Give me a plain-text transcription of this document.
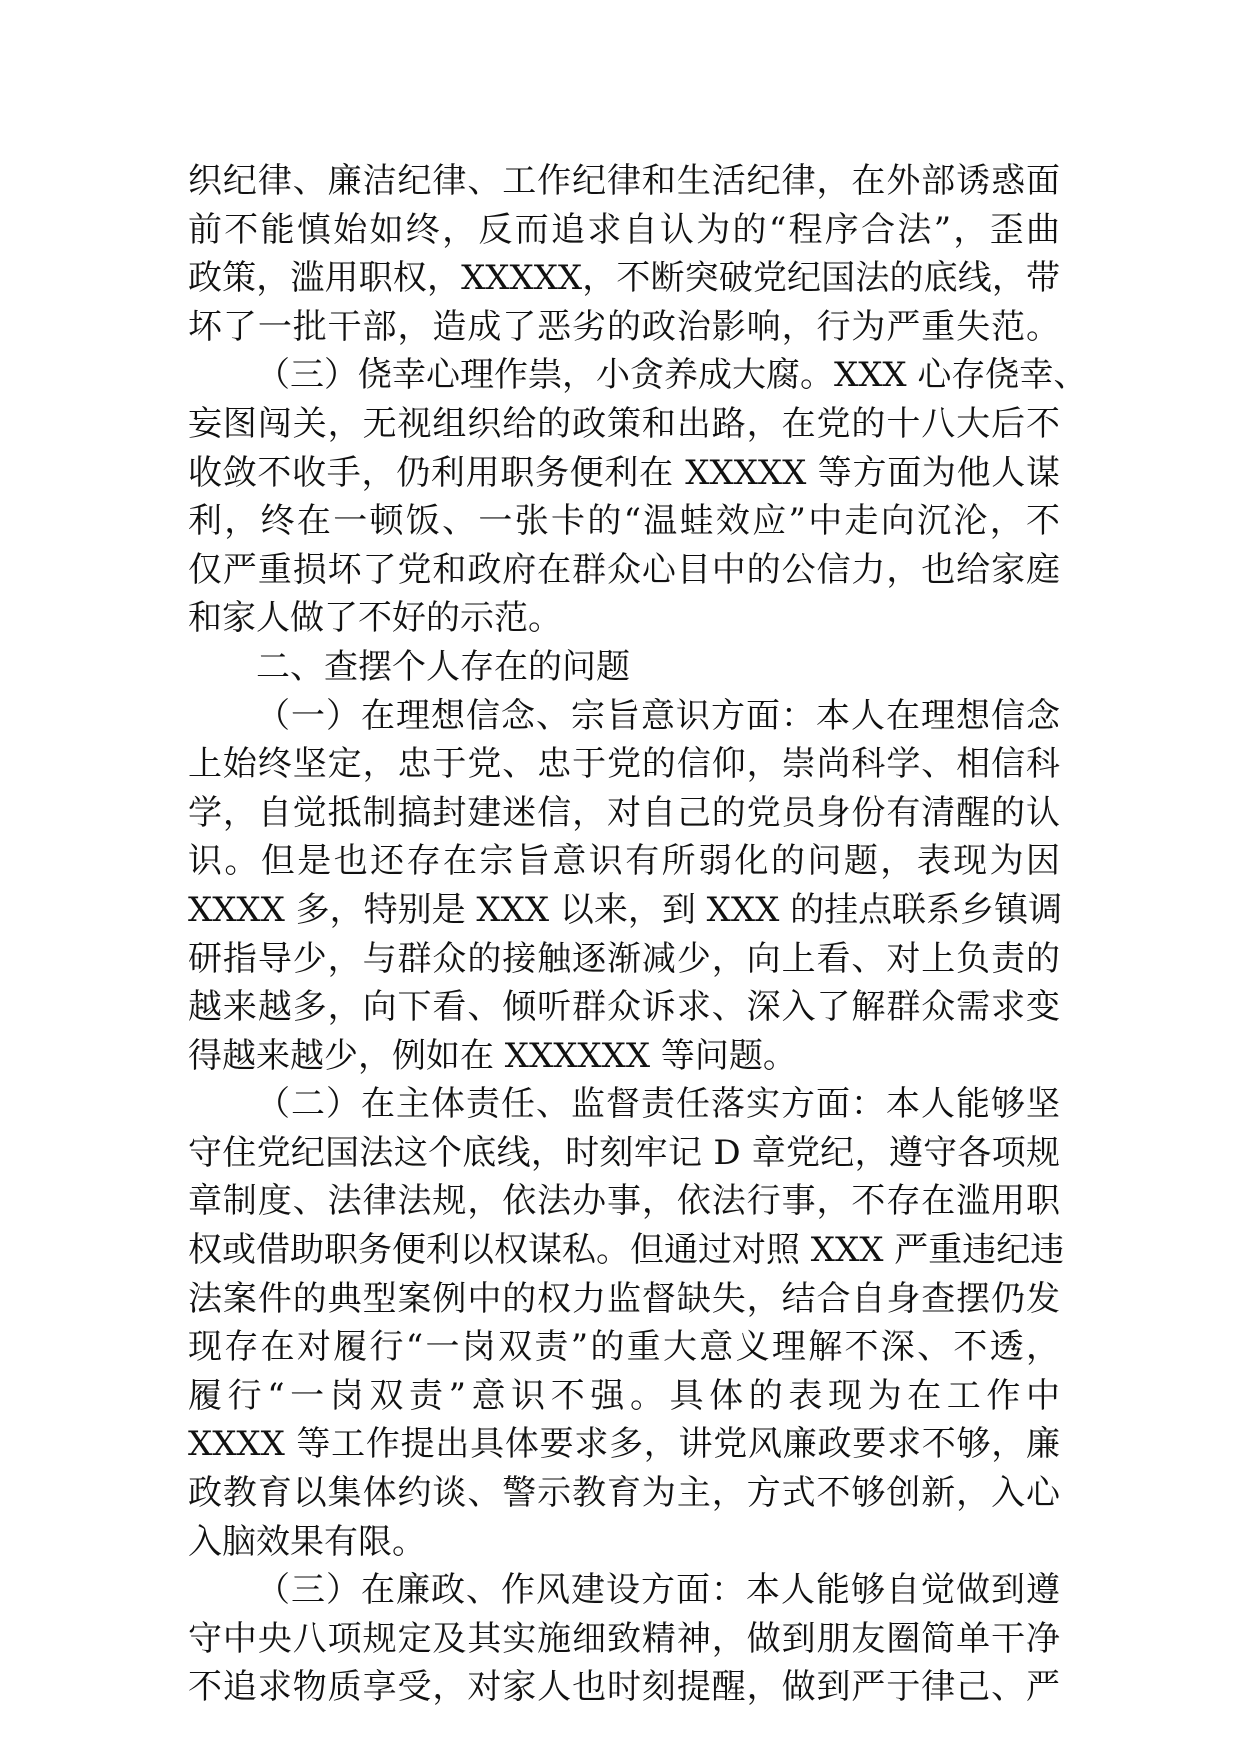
织纪律、廉洁纪律、工作纪律和生活纪律，在外部诱惑面
前不能慎始如终，反而追求自认为的“程序合法”，歪曲
政策，滥用职权，XXXXX，不断突破党纪国法的底线，带
坏了一批干部，造成了恶劣的政治影响，行为严重失范。
（三）侥幸心理作祟，小贪养成大腐。XXX 心存侥幸、
妄图闯关，无视组织给的政策和出路，在党的十八大后不
收敛不收手，仍利用职务便利在 XXXXX 等方面为他人谋
利，终在一顿饭、一张卡的“温蛙效应”中走向沉沦，不
仅严重损坏了党和政府在群众心目中的公信力，也给家庭
和家人做了不好的示范。
二、查摆个人存在的问题
（一）在理想信念、宗旨意识方面：本人在理想信念
上始终坚定，忠于党、忠于党的信仰，崇尚科学、相信科
学，自觉抵制搞封建迷信，对自己的党员身份有清醒的认
识。但是也还存在宗旨意识有所弱化的问题，表现为因
XXXX 多，特别是 XXX 以来，到 XXX 的挂点联系乡镇调
研指导少，与群众的接触逐渐减少，向上看、对上负责的
越来越多，向下看、倾听群众诉求、深入了解群众需求变
得越来越少，例如在 XXXXXX 等问题。
（二）在主体责任、监督责任落实方面：本人能够坚
守住党纪国法这个底线，时刻牢记 D 章党纪，遵守各项规
章制度、法律法规，依法办事，依法行事，不存在滥用职
权或借助职务便利以权谋私。但通过对照 XXX 严重违纪违
法案件的典型案例中的权力监督缺失，结合自身查摆仍发
现存在对履行“一岗双责”的重大意义理解不深、不透，
履行“一岗双责”意识不强。具体的表现为在工作中
XXXX 等工作提出具体要求多，讲党风廉政要求不够，廉
政教育以集体约谈、警示教育为主，方式不够创新，入心
入脑效果有限。
（三）在廉政、作风建设方面：本人能够自觉做到遵
守中央八项规定及其实施细致精神，做到朋友圈简单干净
不追求物质享受，对家人也时刻提醒，做到严于律己、严
